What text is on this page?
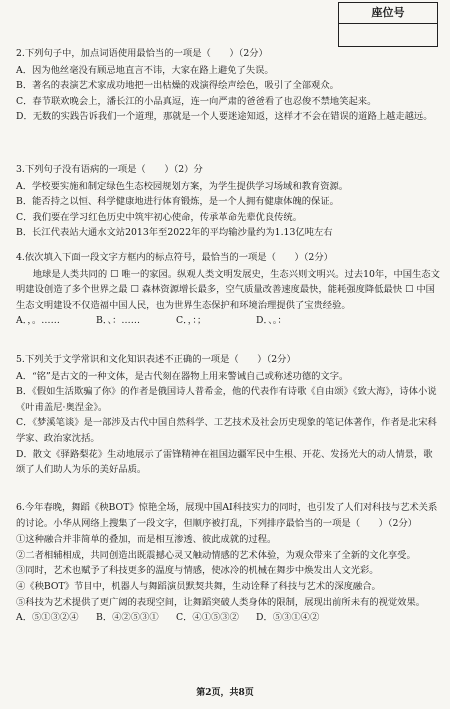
座位号

2.下列句子中，加点词语使用最恰当的一项是（　　）（2分）

A．因为他丝毫没有顾忌地直言不讳，大家在路上避免了失误。

B．著名的表演艺术家成功地把一出枯燥的戏演得绘声绘色，吸引了全部观众。

C．春节联欢晚会上，潘长江的小品真逗，连一向严肃的爸爸看了也忍俊不禁地笑起来。

D．无数的实践告诉我们一个道理，那就是一个人要迷途知返，这样才不会在错误的道路上越走越远。

3.下列句子没有语病的一项是（　　）（2）分

A．学校要实施和制定绿色生态校园规划方案，为学生提供学习场域和教育资源。

B．能否持之以恒、科学健康地进行体育锻炼，是一个人拥有健康体魄的保证。

C．我们要在学习红色历史中筑牢初心使命，传承革命先辈优良传统。

B．长江代表站大通水文站2013年至2022年的平均输沙量约为1.13亿吨左右

4.依次填入下面一段文字方框内的标点符号，最恰当的一项是（　　）（2分）

地球是人类共同的 ☐ 唯一的家园。纵观人类文明发展史，生态兴则文明兴。过去10年，中国生态文明建设创造了多个世界之最 ☐ 森林资源增长最多，空气质量改善速度最快，能耗强度降低最快 ☐ 中国生态文明建设不仅造福中国人民，也为世界生态保护和环境治理提供了宝贵经验。

A．，。……	B．、：……	C．，：；	D．、。：

5.下列关于文学常识和文化知识表述不正确的一项是（　　）（2分）

A．“铭”是古文的一种文体，是古代刻在器物上用来警诫自己或称述功德的文字。

B．《假如生活欺骗了你》的作者是俄国诗人普希金，他的代表作有诗歌《自由颂》《致大海》，诗体小说《叶甫盖尼·奥涅金》。

C．《梦溪笔谈》是一部涉及古代中国自然科学、工艺技术及社会历史现象的笔记体著作，作者是北宋科学家、政治家沈括。

D．散文《驿路梨花》生动地展示了雷锋精神在祖国边疆军民中生根、开花、发扬光大的动人情景，歌颂了人们助人为乐的美好品质。

6.今年春晚，舞蹈《秧BOT》惊艳全场，展现中国AI科技实力的同时，也引发了人们对科技与艺术关系的讨论。小华从网络上搜集了一段文字，但顺序被打乱，下列排序最恰当的一项是（　　）（2分）

①这种融合并非简单的叠加，而是相互渗透、彼此成就的过程。

②二者相辅相成，共同创造出既震撼心灵又触动情感的艺术体验，为观众带来了全新的文化享受。

③同时，艺术也赋予了科技更多的温度与情感，使冰冷的机械在舞步中焕发出人文光彩。

④《秧BOT》节目中，机器人与舞蹈演员默契共舞，生动诠释了科技与艺术的深度融合。

⑤科技为艺术提供了更广阔的表现空间，让舞蹈突破人类身体的限制，展现出前所未有的视觉效果。

A．⑤①③②④	B．④②⑤③①	C．④①⑤③②	D．⑤③①④②
第2页，共8页
